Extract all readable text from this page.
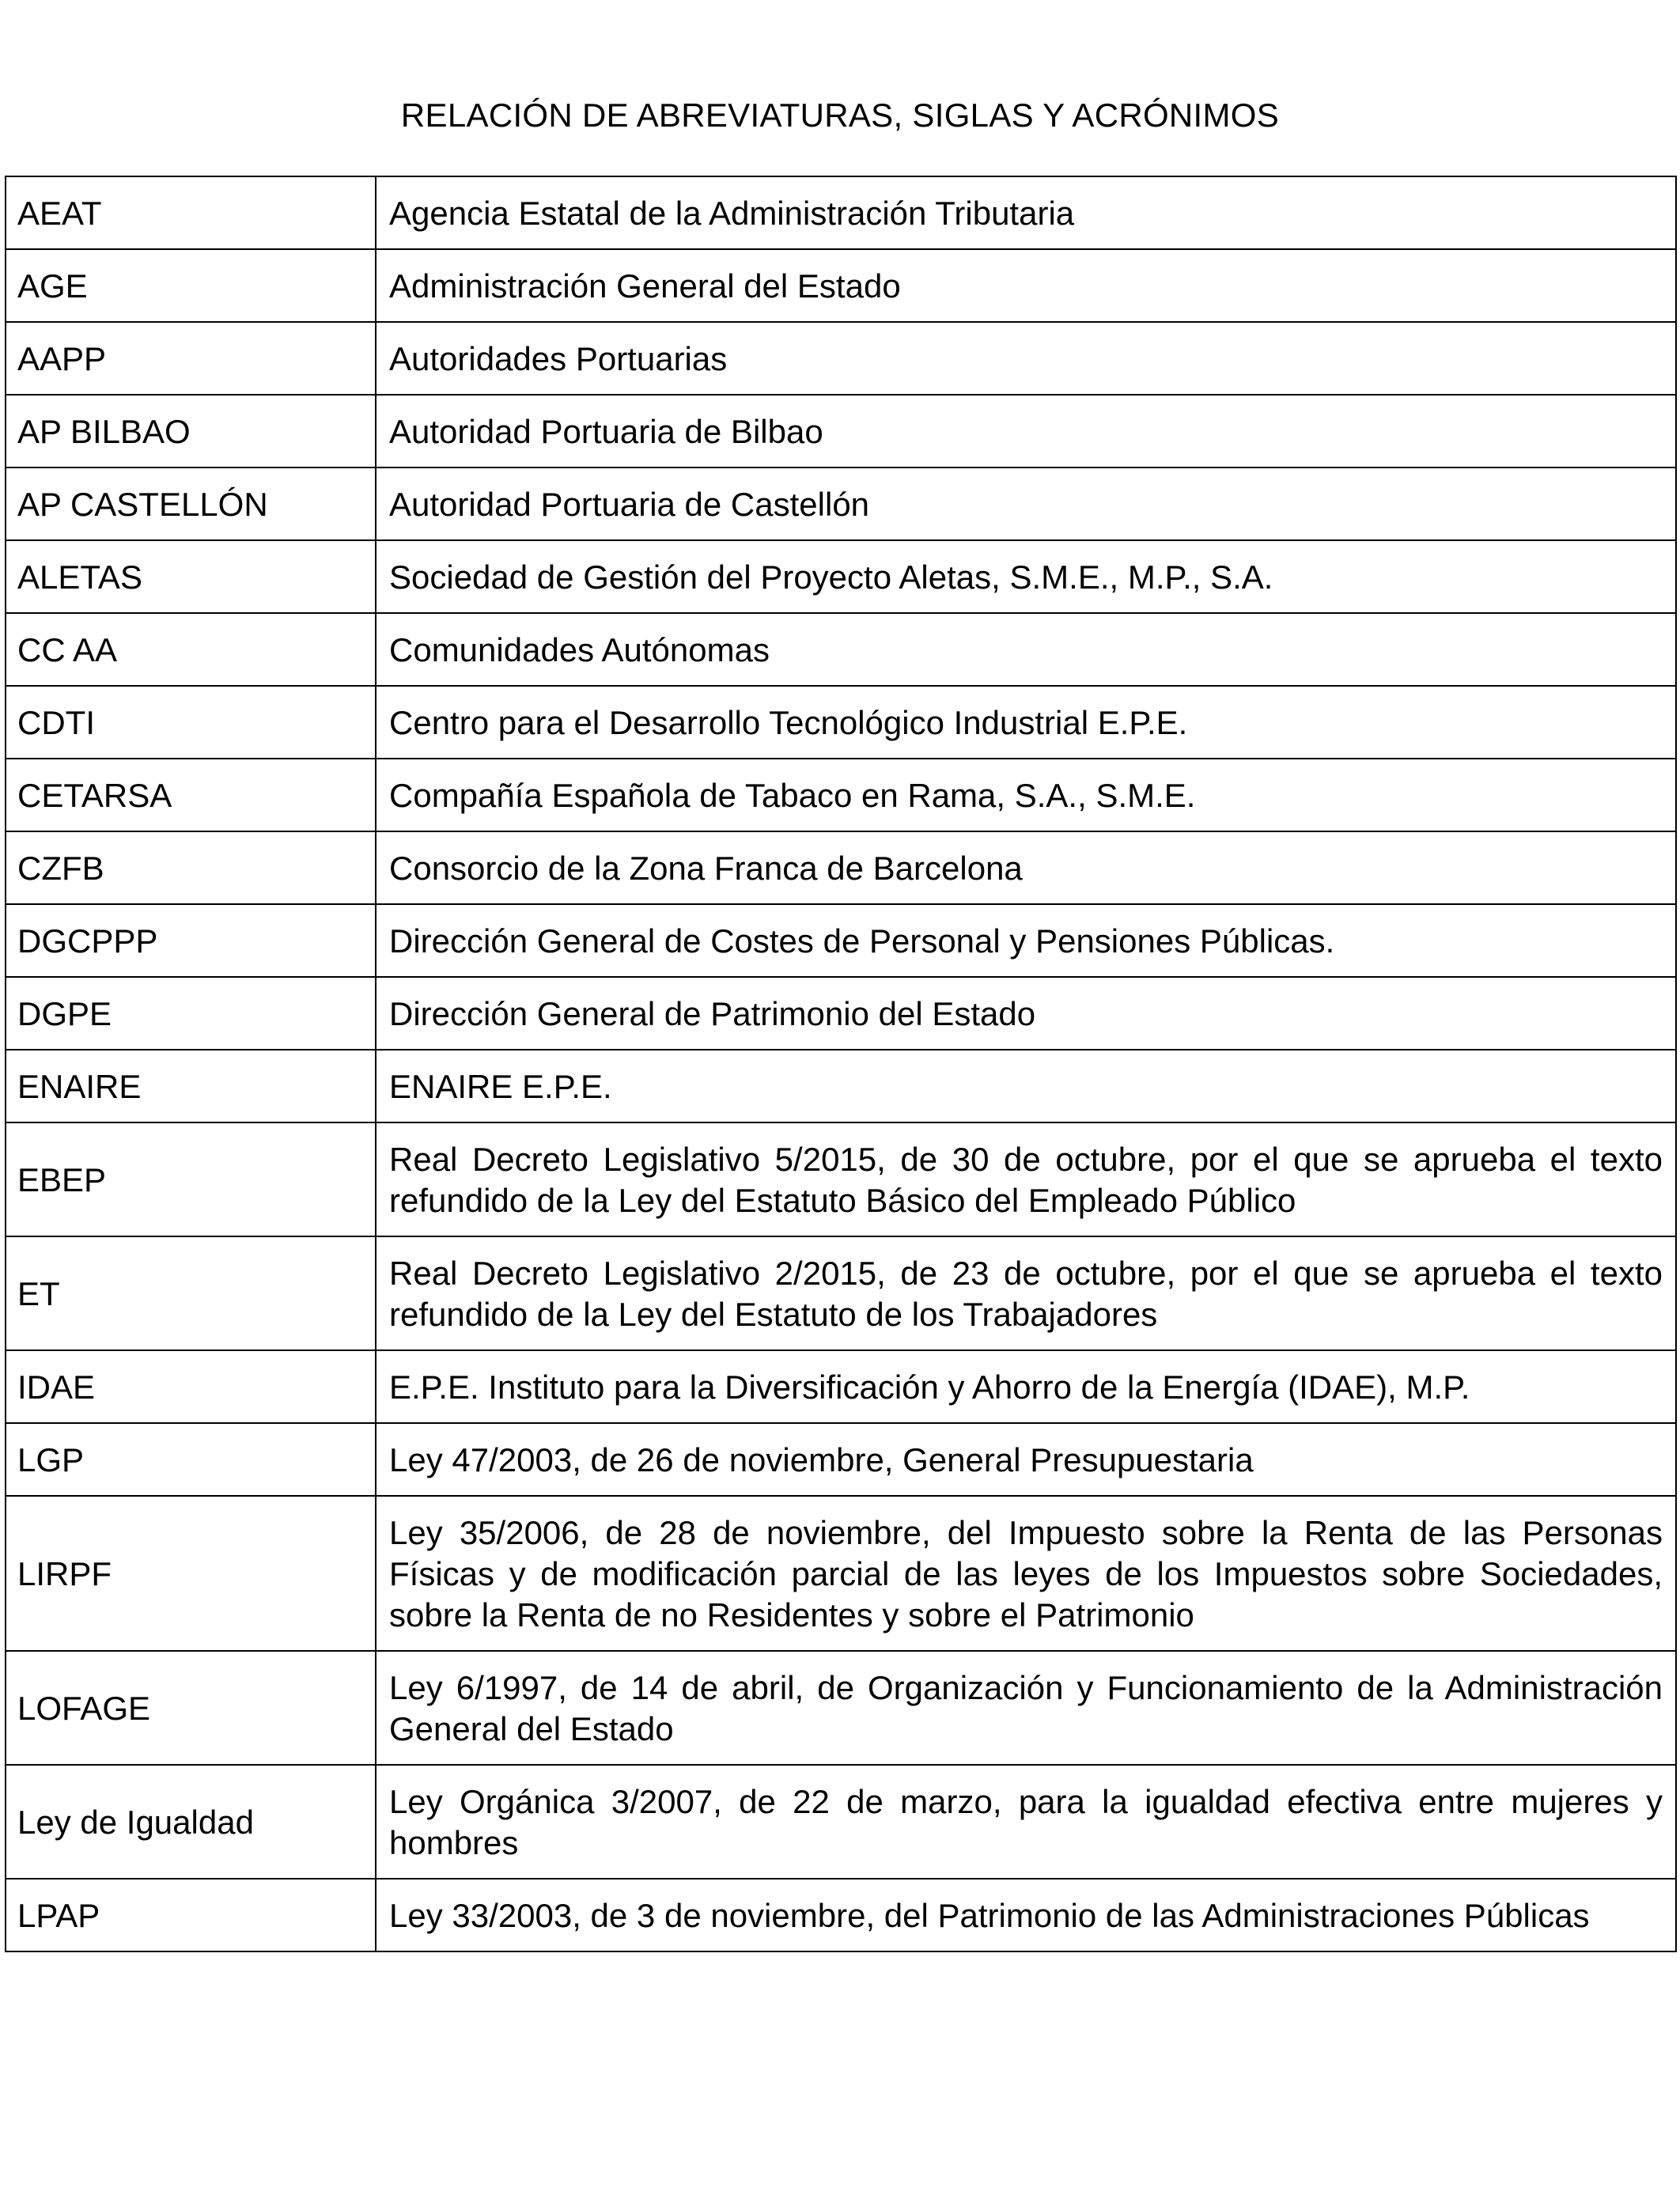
RELACIÓN DE ABREVIATURAS, SIGLAS Y ACRÓNIMOS
AEAT	Agencia Estatal de la Administración Tributaria
AGE	Administración General del Estado
AAPP	Autoridades Portuarias
AP BILBAO	Autoridad Portuaria de Bilbao
AP CASTELLÓN	Autoridad Portuaria de Castellón
ALETAS	Sociedad de Gestión del Proyecto Aletas, S.M.E., M.P., S.A.
CC AA	Comunidades Autónomas
CDTI	Centro para el Desarrollo Tecnológico Industrial E.P.E.
CETARSA	Compañía Española de Tabaco en Rama, S.A., S.M.E.
CZFB	Consorcio de la Zona Franca de Barcelona
DGCPPP	Dirección General de Costes de Personal y Pensiones Públicas.
DGPE	Dirección General de Patrimonio del Estado
ENAIRE	ENAIRE E.P.E.
EBEP	Real Decreto Legislativo 5/2015, de 30 de octubre, por el que se aprueba el texto refundido de la Ley del Estatuto Básico del Empleado Público
ET	Real Decreto Legislativo 2/2015, de 23 de octubre, por el que se aprueba el texto refundido de la Ley del Estatuto de los Trabajadores
IDAE	E.P.E. Instituto para la Diversificación y Ahorro de la Energía (IDAE), M.P.
LGP	Ley 47/2003, de 26 de noviembre, General Presupuestaria
LIRPF	Ley 35/2006, de 28 de noviembre, del Impuesto sobre la Renta de las Personas Físicas y de modificación parcial de las leyes de los Impuestos sobre Sociedades, sobre la Renta de no Residentes y sobre el Patrimonio
LOFAGE	Ley 6/1997, de 14 de abril, de Organización y Funcionamiento de la Administración General del Estado
Ley de Igualdad	Ley Orgánica 3/2007, de 22 de marzo, para la igualdad efectiva entre mujeres y hombres
LPAP	Ley 33/2003, de 3 de noviembre, del Patrimonio de las Administraciones Públicas
